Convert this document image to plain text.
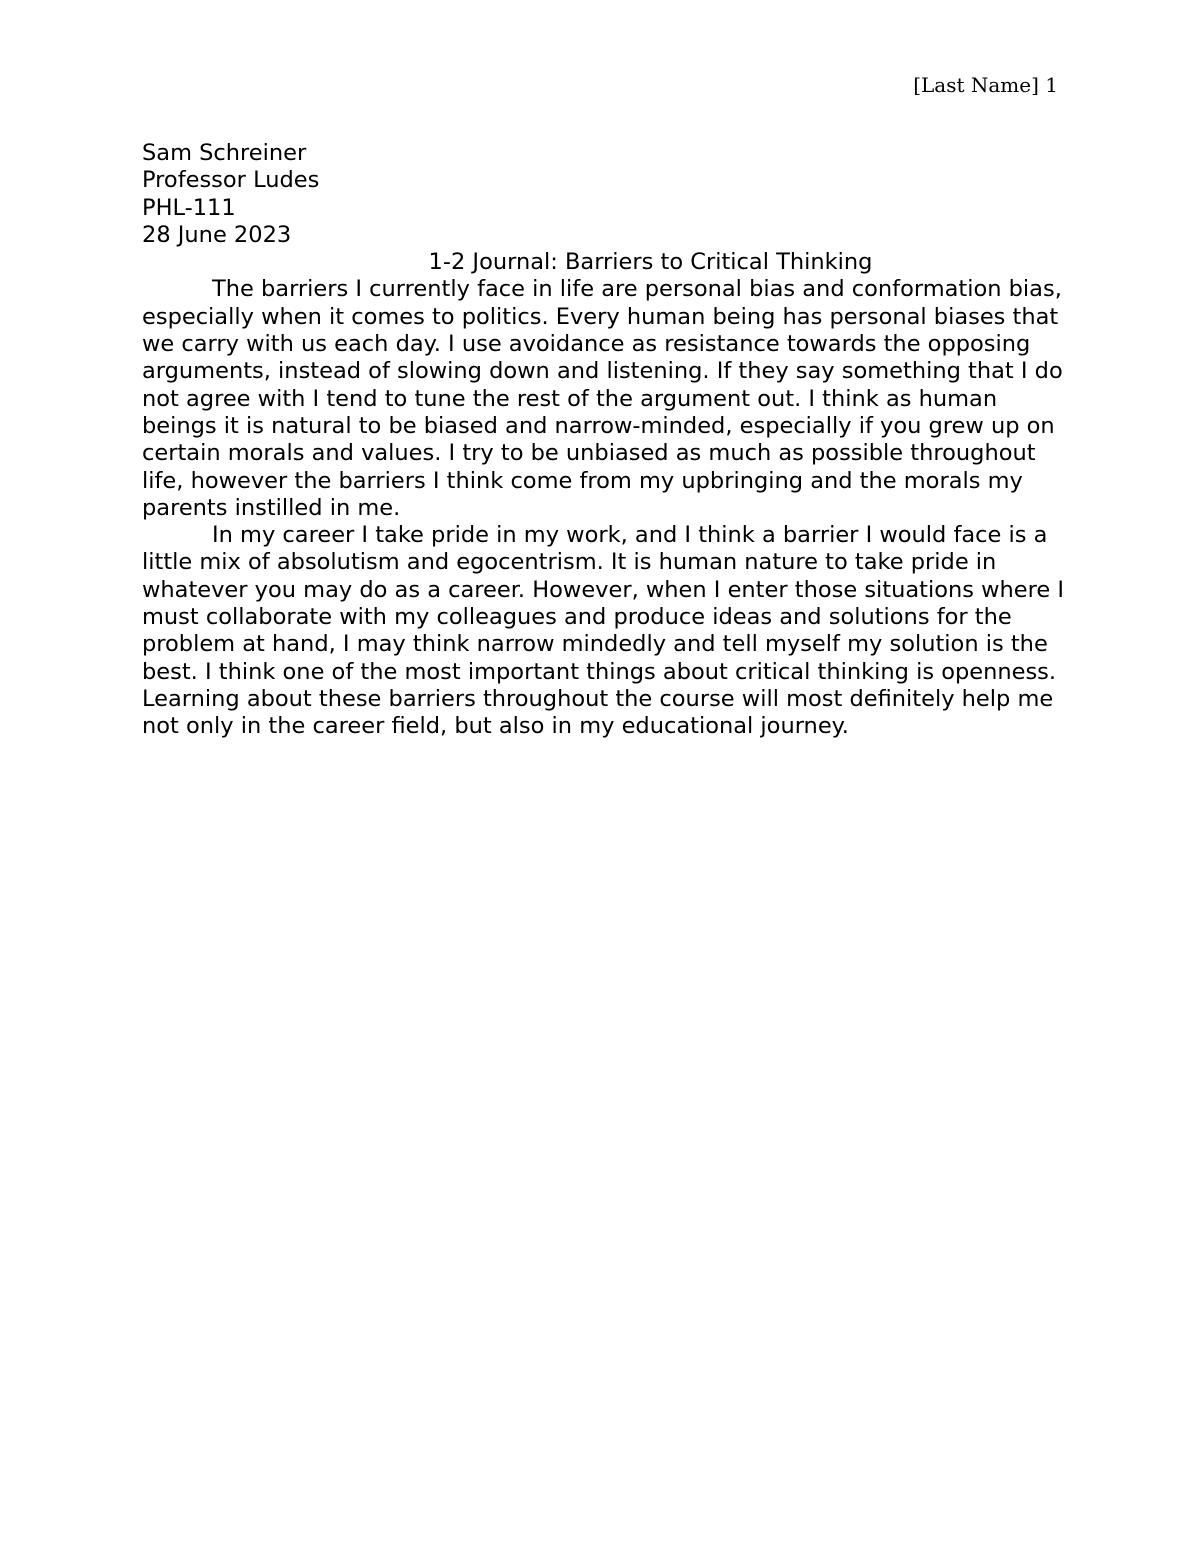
[Last Name] 1
Sam Schreiner
Professor Ludes
PHL-111
28 June 2023
1-2 Journal: Barriers to Critical Thinking

The barriers I currently face in life are personal bias and conformation bias, especially when it comes to politics. Every human being has personal biases that we carry with us each day. I use avoidance as resistance towards the opposing arguments, instead of slowing down and listening. If they say something that I do not agree with I tend to tune the rest of the argument out. I think as human beings it is natural to be biased and narrow-minded, especially if you grew up on certain morals and values. I try to be unbiased as much as possible throughout life, however the barriers I think come from my upbringing and the morals my parents instilled in me.

In my career I take pride in my work, and I think a barrier I would face is a little mix of absolutism and egocentrism. It is human nature to take pride in whatever you may do as a career. However, when I enter those situations where I must collaborate with my colleagues and produce ideas and solutions for the problem at hand, I may think narrow mindedly and tell myself my solution is the best. I think one of the most important things about critical thinking is openness. Learning about these barriers throughout the course will most definitely help me not only in the career field, but also in my educational journey.
